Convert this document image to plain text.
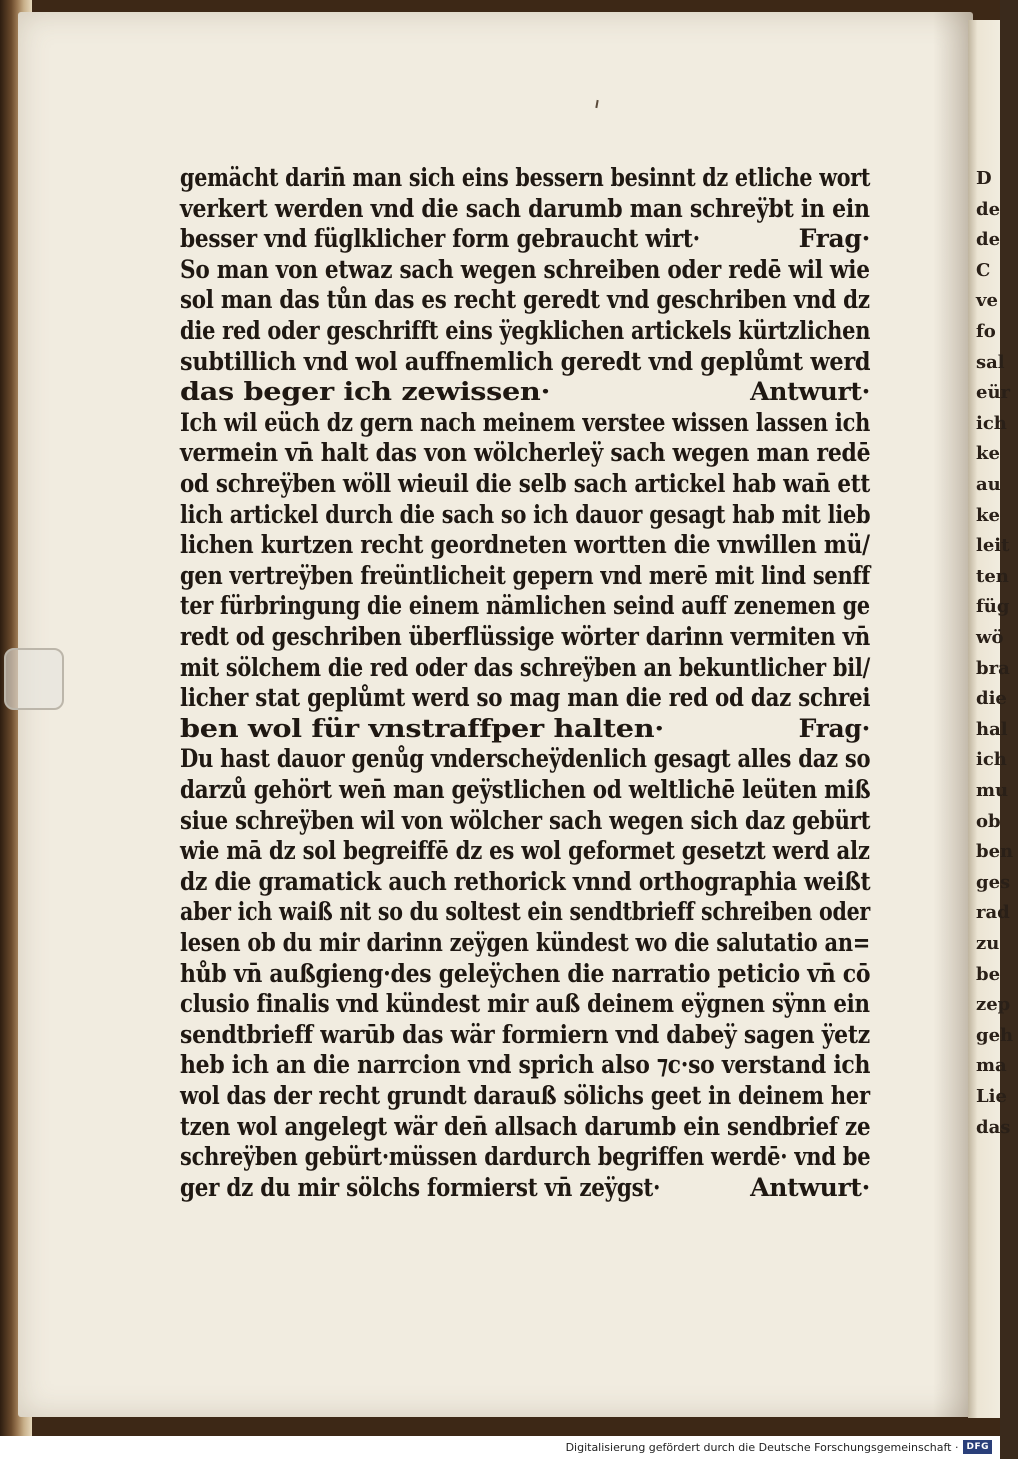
gemächt darin̄ man sich eins bessern besinnt dz etliche wort
verkert werden vnd die sach darumb man schreÿbt in ein
besser vnd füglklicher form gebraucht wirt·	Frag·
So man von etwaz sach wegen schreiben oder redē wil wie
sol man das tůn das es recht geredt vnd geschriben vnd dz
die red oder geschrifft eins ÿegklichen artickels kürtzlichen
subtillich vnd wol auffnemlich geredt vnd geplůmt werd
das beger ich zewissen·	Antwurt·
Ich wil eüch dz gern nach meinem verstee wissen lassen ich
vermein vn̄ halt das von wölcherleÿ sach wegen man redē
od schreÿben wöll wieuil die selb sach artickel hab wan̄ ett
lich artickel durch die sach so ich dauor gesagt hab mit lieb
lichen kurtzen recht geordneten wortten die vnwillen mü/
gen vertreÿben freüntlicheit gepern vnd merē mit lind senff
ter fürbringung die einem nämlichen seind auff zenemen ge
redt od geschriben überflüssige wörter darinn vermiten vn̄
mit sölchem die red oder das schreÿben an bekuntlicher bil/
licher stat geplůmt werd so mag man die red od daz schrei
ben wol für vnstraffper halten·	Frag·
Du hast dauor genůg vnderscheÿdenlich gesagt alles daz so
darzů gehört wen̄ man geÿstlichen od weltlichē leüten miß
siue schreÿben wil von wölcher sach wegen sich daz gebürt
wie mā dz sol begreiffē dz es wol geformet gesetzt werd alz
dz die gramatick auch rethorick vnnd orthographia weißt
aber ich waiß nit so du soltest ein sendtbrieff schreiben oder
lesen ob du mir darinn zeÿgen kündest wo die salutatio an=
hůb vn̄ außgieng·des geleÿchen die narratio peticio vn̄ cō
clusio finalis vnd kündest mir auß deinem eÿgnen sÿnn ein
sendtbrieff warūb das wär formiern vnd dabeÿ sagen ÿetz
heb ich an die narrcion vnd sprich also ⁊c·so verstand ich
wol das der recht grundt darauß sölichs geet in deinem her
tzen wol angelegt wär den̄ allsach darumb ein sendbrief ze
schreÿben gebürt·müssen dardurch begriffen werdē· vnd be
ger dz du mir sölchs formierst vn̄ zeÿgst·	Antwurt·
D
de
de
C
ve
fo
sal
eür
ich
ke
au
ke
leit
ten
füg
wö
bra
die
hal
ich
mu
ob
ben
ges
rad
zu
be
zep
geh
ma
Lie
das
Digitalisierung gefördert durch die Deutsche Forschungsgemeinschaft · DFG
